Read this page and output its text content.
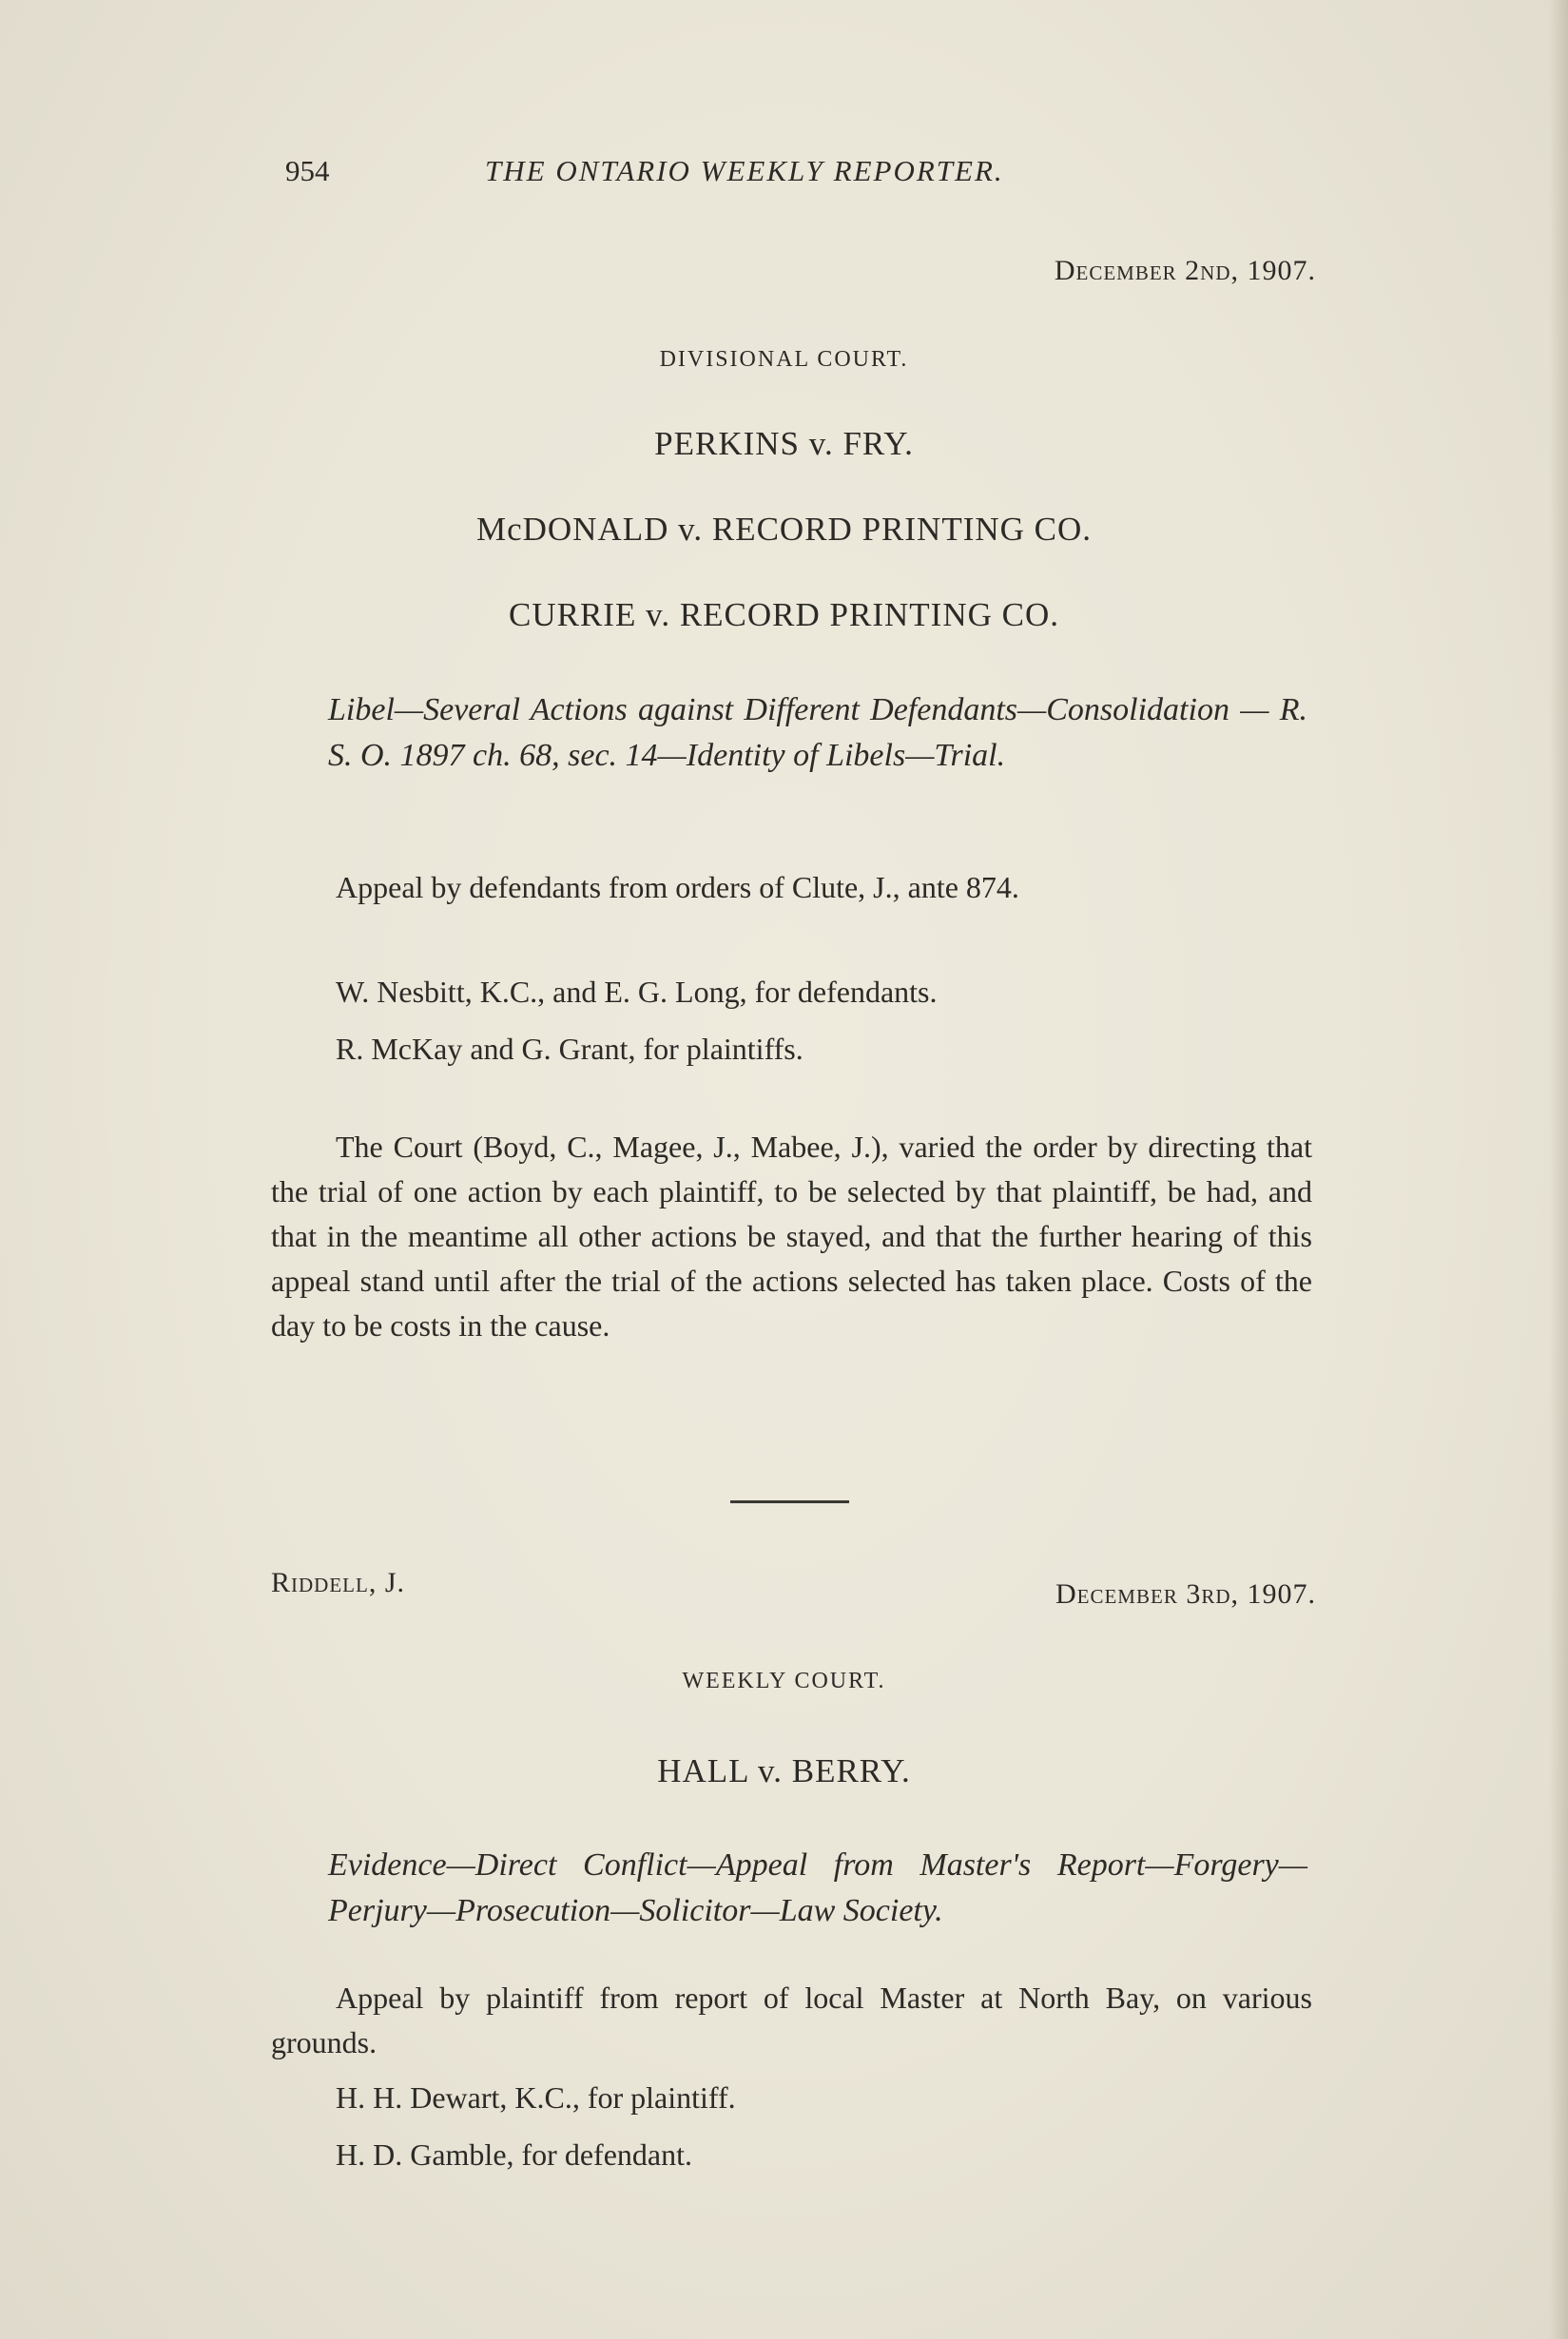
954	THE ONTARIO WEEKLY REPORTER.
December 2nd, 1907.
DIVISIONAL COURT.
PERKINS v. FRY.
McDONALD v. RECORD PRINTING CO.
CURRIE v. RECORD PRINTING CO.
Libel—Several Actions against Different Defendants—Consolidation — R. S. O. 1897 ch. 68, sec. 14—Identity of Libels—Trial.
Appeal by defendants from orders of Clute, J., ante 874.
W. Nesbitt, K.C., and E. G. Long, for defendants.
R. McKay and G. Grant, for plaintiffs.
The Court (Boyd, C., Magee, J., Mabee, J.), varied the order by directing that the trial of one action by each plaintiff, to be selected by that plaintiff, be had, and that in the meantime all other actions be stayed, and that the further hearing of this appeal stand until after the trial of the actions selected has taken place. Costs of the day to be costs in the cause.
Riddell, J.	December 3rd, 1907.
WEEKLY COURT.
HALL v. BERRY.
Evidence—Direct Conflict—Appeal from Master's Report—Forgery—Perjury—Prosecution—Solicitor—Law Society.
Appeal by plaintiff from report of local Master at North Bay, on various grounds.
H. H. Dewart, K.C., for plaintiff.
H. D. Gamble, for defendant.
